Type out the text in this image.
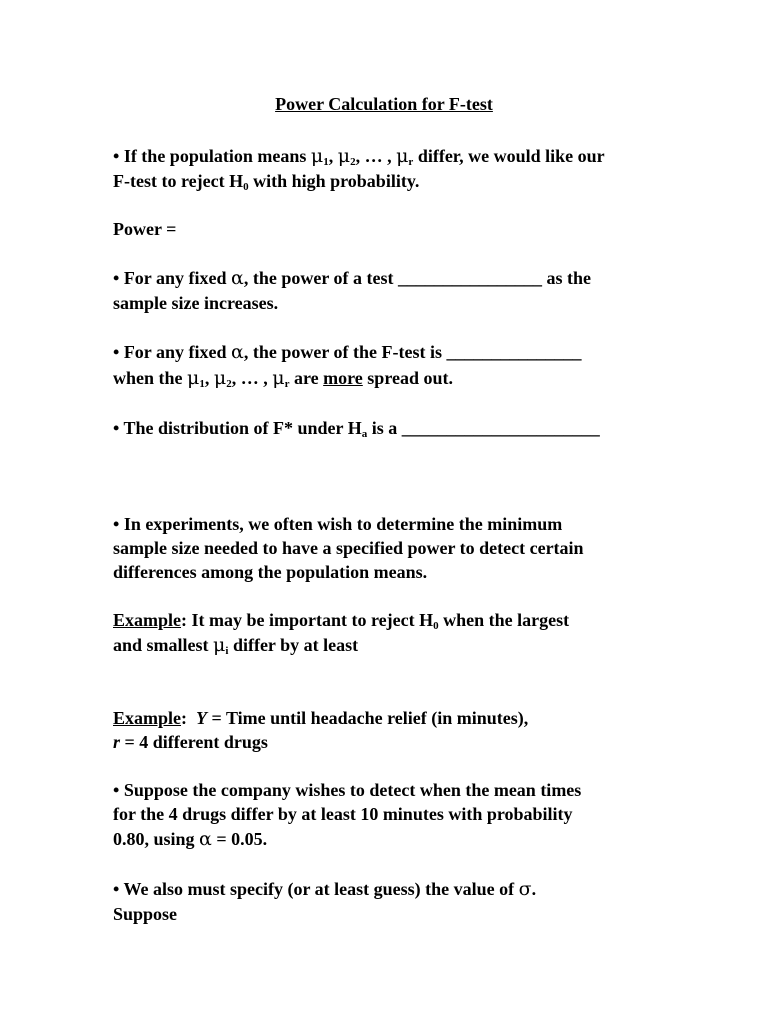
Power Calculation for F-test
• If the population means $\mu_1$, $\mu_2$, … , $\mu_r$ differ, we would like our
F-test to reject $H_0$ with high probability.
Power =
• For any fixed α, the power of a test ________________ as the
sample size increases.
• For any fixed α, the power of the F-test is _______________
when the $\mu_1$, $\mu_2$, … , $\mu_r$ are more spread out.
• The distribution of F* under $H_a$ is a ______________________
• In experiments, we often wish to determine the minimum
sample size needed to have a specified power to detect certain
differences among the population means.
Example: It may be important to reject $H_0$ when the largest
and smallest $\mu_i$ differ by at least
Example: Y = Time until headache relief (in minutes),
r = 4 different drugs
• Suppose the company wishes to detect when the mean times
for the 4 drugs differ by at least 10 minutes with probability
0.80, using α = 0.05.
• We also must specify (or at least guess) the value of σ.
Suppose
